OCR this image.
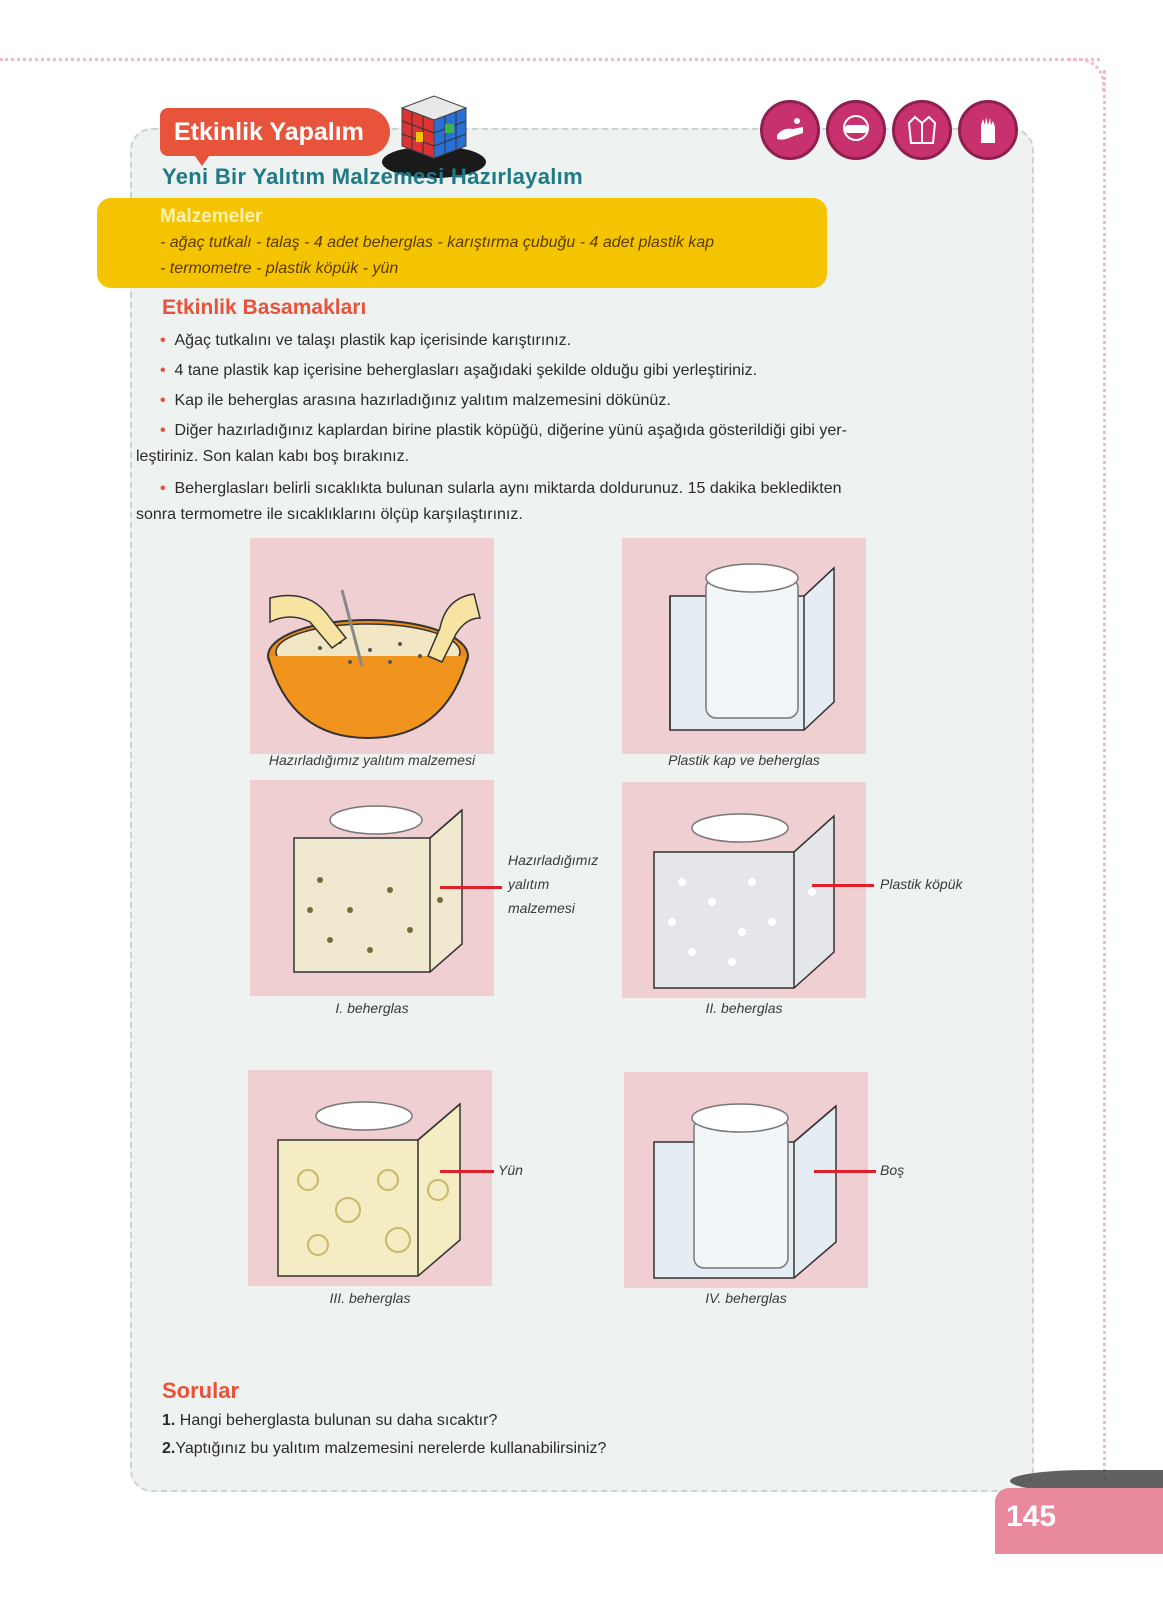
Etkinlik Yapalım
Yeni Bir Yalıtım Malzemesi Hazırlayalım
Malzemeler
- ağaç tutkalı - talaş - 4 adet beherglas - karıştırma çubuğu - 4 adet plastik kap
- termometre - plastik köpük - yün
Etkinlik Basamakları
• Ağaç tutkalını ve talaşı plastik kap içerisinde karıştırınız.
• 4 tane plastik kap içerisine beherglasları aşağıdaki şekilde olduğu gibi yerleştiriniz.
• Kap ile beherglas arasına hazırladığınız yalıtım malzemesini dökünüz.
• Diğer hazırladığınız kaplardan birine plastik köpüğü, diğerine yünü aşağıda gösterildiği gibi yer-
leştiriniz. Son kalan kabı boş bırakınız.
• Beherglasları belirli sıcaklıkta bulunan sularla aynı miktarda doldurunuz. 15 dakika bekledikten
sonra termometre ile sıcaklıklarını ölçüp karşılaştırınız.
Hazırladığımız yalıtım malzemesi	Plastik kap ve beherglas
Hazırladığımız
yalıtım
malzemesi
I. beherglas
Plastik köpük
II. beherglas
Yün
III. beherglas
Boş
IV. beherglas
Sorular
1. Hangi beherglasta bulunan su daha sıcaktır?
2.Yaptığınız bu yalıtım malzemesini nerelerde kullanabilirsiniz?
145
